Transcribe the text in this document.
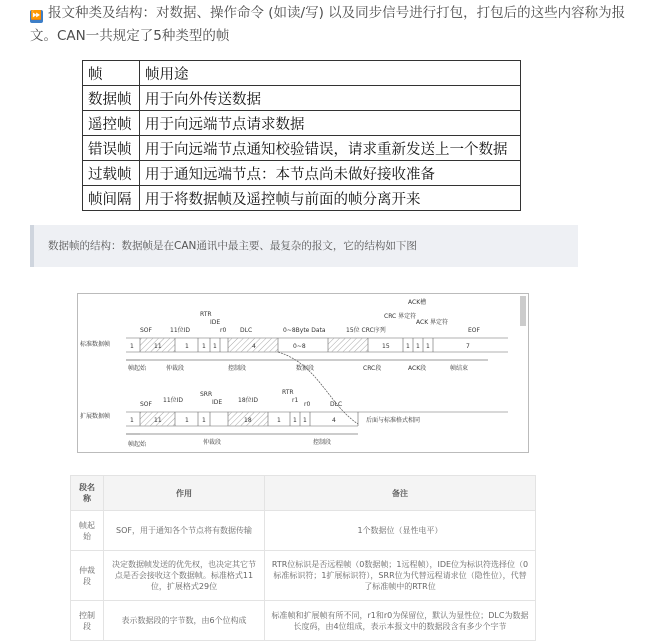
⏩ 报文种类及结构：对数据、操作命令 (如读/写) 以及同步信号进行打包，打包后的这些内容称为报文。CAN一共规定了5种类型的帧
帧	帧用途
数据帧	用于向外传送数据
遥控帧	用于向远端节点请求数据
错误帧	用于向远端节点通知校验错误，请求重新发送上一个数据
过载帧	用于通知远端节点：本节点尚未做好接收准备
帧间隔	用于将数据帧及遥控帧与前面的帧分离开来
数据帧的结构：数据帧是在CAN通讯中最主要、最复杂的报文，它的结构如下图
标准数据帧
扩展数据帧
SOF	11位ID
RTR
IDE
r0 DLC	0~8Byte Data	15位 CRC序列	EOF
ACK槽
CRC 界定符
ACK 界定符
1	11	1 1 1	4	0~8	15	1 1 1	7
帧起始	仲裁段	控制段	数据段	CRC段	ACK段	帧结束
SOF
11位ID
SRR
IDE	18位ID
RTR
r1
r0	DLC
1	11	1 1	18	1 1 1	4	后面与标准格式相同
帧起始	仲裁段	控制段
段名称	作用	备注
帧起始	SOF，用于通知各个节点将有数据传输	1个数据位（显性电平）
仲裁段	决定数据帧发送的优先权，也决定其它节点是否会接收这个数据帧。标准格式11位，扩展格式29位	RTR位标识是否远程帧（0数据帧；1远程帧），IDE位为标识符选择位（0标准标识符；1扩展标识符），SRR位为代替远程请求位（隐性位），代替了标准帧中的RTR位
控制段	表示数据段的字节数，由6个位构成	标准帧和扩展帧有所不同，r1和r0为保留位，默认为显性位；DLC为数据长度码，由4位组成，表示本报文中的数据段含有多少个字节
